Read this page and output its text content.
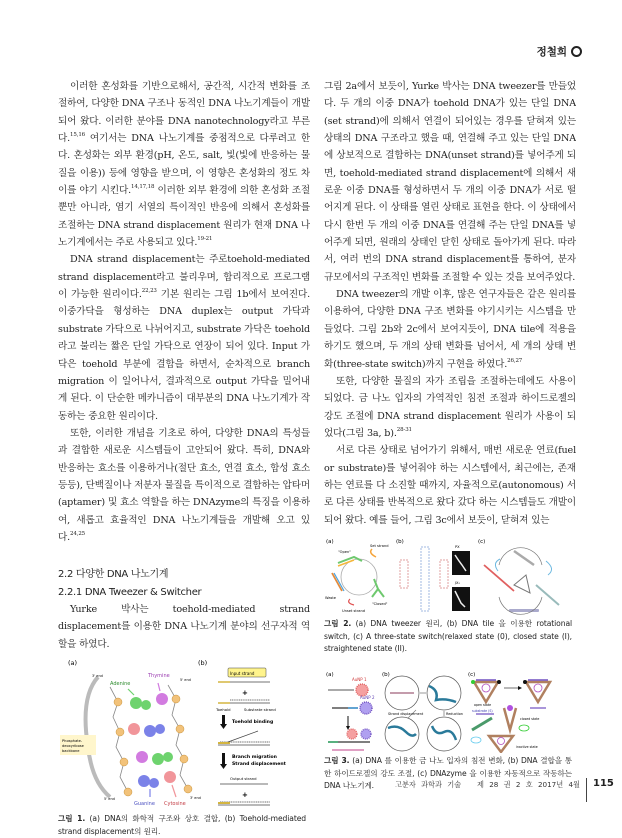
정철희

이러한 혼성화를 기반으로해서, 공간적, 시간적 변화를 조절하여, 다양한 DNA 구조나 동적인 DNA 나노기계들이 개발되어 왔다. 이러한 분야를 DNA nanotechnology라고 부른다.$^{15,16}$ 여기서는 DNA 나노기계를 중점적으로 다루려고 한다. 혼성화는 외부 환경(pH, 온도, salt, 빛(빛에 반응하는 물질을 이용)) 등에 영향을 받으며, 이 영향은 혼성화의 정도 차이를 야기 시킨다.$^{14,17,18}$ 이러한 외부 환경에 의한 혼성화 조절뿐만 아니라, 염기 서열의 특이적인 반응에 의해서 혼성화를 조절하는 DNA strand displacement 원리가 현재 DNA 나노기계에서는 주로 사용되고 있다.$^{19-21}$

DNA strand displacement는 주로toehold-mediated strand displacement라고 불리우며, 합리적으로 프로그램이 가능한 원리이다.$^{22,23}$ 기본 원리는 그림 1b에서 보여진다. 이중가닥을 형성하는 DNA duplex는 output 가닥과 substrate 가닥으로 나뉘어지고, substrate 가닥은 toehold 라고 불리는 짧은 단일 가닥으로 연장이 되어 있다. Input 가닥은 toehold 부분에 결합을 하면서, 순차적으로 branch migration 이 일어나서, 결과적으로 output 가닥을 밀어내게 된다. 이 단순한 메카니즘이 대부분의 DNA 나노기계가 작동하는 중요한 원리이다.

또한, 이러한 개념을 기초로 하여, 다양한 DNA의 특성들과 결합한 새로운 시스템들이 고안되어 왔다. 특히, DNA와 반응하는 효소를 이용하거나(절단 효소, 연결 효소, 합성 효소 등등), 단백질이나 저분자 물질을 특이적으로 결합하는 압타머(aptamer) 및 효소 역할을 하는 DNAzyme의 특징을 이용하여, 새롭고 효율적인 DNA 나노기계들을 개발해 오고 있다.$^{24,25}$

2.2 다양한 DNA 나노기계

2.2.1 DNA Tweezer & Switcher

Yurke 박사는 toehold-mediated strand displacement를 이용한 DNA 나노기계 분야의 선구자적 역할을 하였다.

그림 2a에서 보듯이, Yurke 박사는 DNA tweezer를 만들었다. 두 개의 이중 DNA가 toehold DNA가 있는 단일 DNA (set strand)에 의해서 연결이 되어있는 경우를 닫혀져 있는 상태의 DNA 구조라고 했을 때, 연결해 주고 있는 단일 DNA에 상보적으로 결합하는 DNA(unset strand)를 넣어주게 되면, toehold-mediated strand displacement에 의해서 새로운 이중 DNA를 형성하면서 두 개의 이중 DNA가 서로 떨어지게 된다. 이 상태를 열린 상태로 표현을 한다. 이 상태에서 다시 한번 두 개의 이중 DNA를 연결해 주는 단일 DNA를 넣어주게 되면, 원래의 상태인 닫힌 상태로 돌아가게 된다. 따라서, 여러 번의 DNA strand displacement를 통하여, 분자 규모에서의 구조적인 변화를 조절할 수 있는 것을 보여주었다.

DNA tweezer의 개발 이후, 많은 연구자들은 같은 원리를 이용하여, 다양한 DNA 구조 변화를 야기시키는 시스템을 만들었다. 그림 2b와 2c에서 보여지듯이, DNA tile에 적용을 하기도 했으며, 두 개의 상태 변화를 넘어서, 세 개의 상태 변화(three-state switch)까지 구현을 하였다.$^{26,27}$

또한, 다양한 물질의 자가 조립을 조절하는데에도 사용이 되었다. 금 나노 입자의 가역적인 침전 조절과 하이드로젤의 강도 조절에 DNA strand displacement 원리가 사용이 되었다(그림 3a, b).$^{28-31}$

서로 다른 상태로 넘어가기 위해서, 매번 새로운 연료(fuel or substrate)를 넣어줘야 하는 시스템에서, 최근에는, 존재하는 연료를 다 소진할 때까지, 자율적으로(autonomous) 서로 다른 상태를 반복적으로 왔다 갔다 하는 시스템들도 개발이 되어 왔다. 예를 들어, 그림 3c에서 보듯이, 닫혀져 있는

(a)	(b)
Adenine
Thymine
Guanine Cytosine
Phosphate- deoxyribose backbone
3' end
5' end
5' end	3' end
Input strand
+
Toehold	Substrate strand
Toehold binding
Branch migration
Strand displacement
Output strand
+
그림 1. (a) DNA의 화학적 구조와 상호 결합, (b) Toehold-mediated strand displacement의 원리.
(a)	(b)	(c)
"Open"
Set strand
"Closed"
Waste
Unset strand
PX
JX₂
그림 2. (a) DNA tweezer 원리, (b) DNA tile 을 이용한 rotational switch, (c) A three-state switch(relaxed state (0), closed state (I), straightened state (II).
(a)	(b)	(c)
AuNP 1
AuNP 2
Strand displacement	Reduction
open state
substrate (S)
closed state
inactive state
그림 3. (a) DNA 를 이용한 금 나노 입자의 침전 변화, (b) DNA 결합을 통한 하이드로겔의 강도 조절, (c) DNAzyme 을 이용한 자동적으로 작동하는 DNA 나노기계.	고분자 과학과 기술 제 28 권 2 호 2017년 4월 115
